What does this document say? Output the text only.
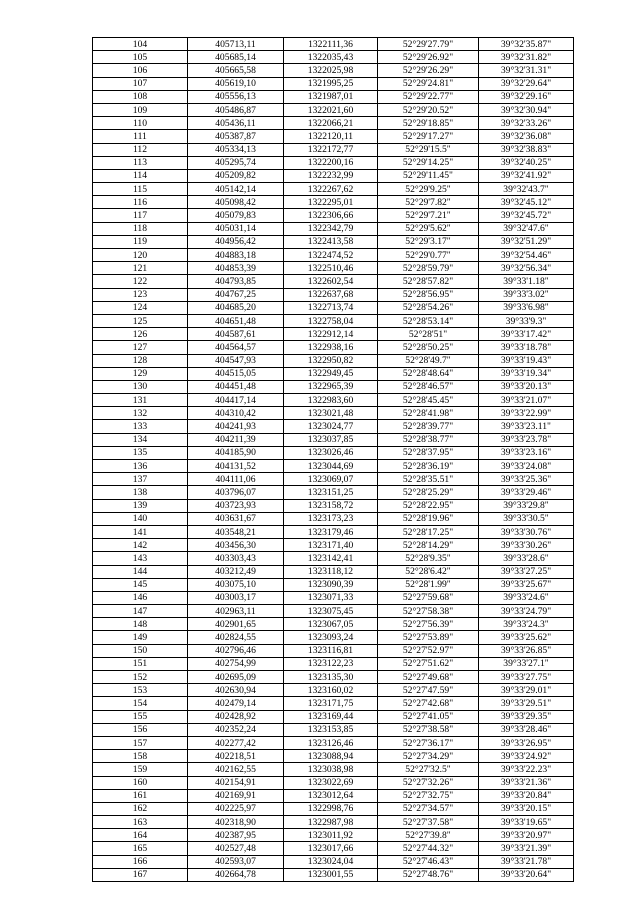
104	405713,11	1322111,36	52°29'27.79"	39°32'35.87"
105	405685,14	1322035,43	52°29'26.92"	39°32'31.82"
106	405665,58	1322025,98	52°29'26.29"	39°32'31.31"
107	405619,10	1321995,25	52°29'24.81"	39°32'29.64"
108	405556,13	1321987,01	52°29'22.77"	39°32'29.16"
109	405486,87	1322021,60	52°29'20.52"	39°32'30.94"
110	405436,11	1322066,21	52°29'18.85"	39°32'33.26"
111	405387,87	1322120,11	52°29'17.27"	39°32'36.08"
112	405334,13	1322172,77	52°29'15.5"	39°32'38.83"
113	405295,74	1322200,16	52°29'14.25"	39°32'40.25"
114	405209,82	1322232,99	52°29'11.45"	39°32'41.92"
115	405142,14	1322267,62	52°29'9.25"	39°32'43.7"
116	405098,42	1322295,01	52°29'7.82"	39°32'45.12"
117	405079,83	1322306,66	52°29'7.21"	39°32'45.72"
118	405031,14	1322342,79	52°29'5.62"	39°32'47.6"
119	404956,42	1322413,58	52°29'3.17"	39°32'51.29"
120	404883,18	1322474,52	52°29'0.77"	39°32'54.46"
121	404853,39	1322510,46	52°28'59.79"	39°32'56.34"
122	404793,85	1322602,54	52°28'57.82"	39°33'1.18"
123	404767,25	1322637,68	52°28'56.95"	39°33'3.02"
124	404685,20	1322713,74	52°28'54.26"	39°33'6.98"
125	404651,48	1322758,04	52°28'53.14"	39°33'9.3"
126	404587,61	1322912,14	52°28'51"	39°33'17.42"
127	404564,57	1322938,16	52°28'50.25"	39°33'18.78"
128	404547,93	1322950,82	52°28'49.7"	39°33'19.43"
129	404515,05	1322949,45	52°28'48.64"	39°33'19.34"
130	404451,48	1322965,39	52°28'46.57"	39°33'20.13"
131	404417,14	1322983,60	52°28'45.45"	39°33'21.07"
132	404310,42	1323021,48	52°28'41.98"	39°33'22.99"
133	404241,93	1323024,77	52°28'39.77"	39°33'23.11"
134	404211,39	1323037,85	52°28'38.77"	39°33'23.78"
135	404185,90	1323026,46	52°28'37.95"	39°33'23.16"
136	404131,52	1323044,69	52°28'36.19"	39°33'24.08"
137	404111,06	1323069,07	52°28'35.51"	39°33'25.36"
138	403796,07	1323151,25	52°28'25.29"	39°33'29.46"
139	403723,93	1323158,72	52°28'22.95"	39°33'29.8"
140	403631,67	1323173,23	52°28'19.96"	39°33'30.5"
141	403548,21	1323179,46	52°28'17.25"	39°33'30.76"
142	403456,30	1323171,40	52°28'14.29"	39°33'30.26"
143	403303,43	1323142,41	52°28'9.35"	39°33'28.6"
144	403212,49	1323118,12	52°28'6.42"	39°33'27.25"
145	403075,10	1323090,39	52°28'1.99"	39°33'25.67"
146	403003,17	1323071,33	52°27'59.68"	39°33'24.6"
147	402963,11	1323075,45	52°27'58.38"	39°33'24.79"
148	402901,65	1323067,05	52°27'56.39"	39°33'24.3"
149	402824,55	1323093,24	52°27'53.89"	39°33'25.62"
150	402796,46	1323116,81	52°27'52.97"	39°33'26.85"
151	402754,99	1323122,23	52°27'51.62"	39°33'27.1"
152	402695,09	1323135,30	52°27'49.68"	39°33'27.75"
153	402630,94	1323160,02	52°27'47.59"	39°33'29.01"
154	402479,14	1323171,75	52°27'42.68"	39°33'29.51"
155	402428,92	1323169,44	52°27'41.05"	39°33'29.35"
156	402352,24	1323153,85	52°27'38.58"	39°33'28.46"
157	402277,42	1323126,46	52°27'36.17"	39°33'26.95"
158	402218,51	1323088,94	52°27'34.29"	39°33'24.92"
159	402162,55	1323038,98	52°27'32.5"	39°33'22.23"
160	402154,91	1323022,69	52°27'32.26"	39°33'21.36"
161	402169,91	1323012,64	52°27'32.75"	39°33'20.84"
162	402225,97	1322998,76	52°27'34.57"	39°33'20.15"
163	402318,90	1322987,98	52°27'37.58"	39°33'19.65"
164	402387,95	1323011,92	52°27'39.8"	39°33'20.97"
165	402527,48	1323017,66	52°27'44.32"	39°33'21.39"
166	402593,07	1323024,04	52°27'46.43"	39°33'21.78"
167	402664,78	1323001,55	52°27'48.76"	39°33'20.64"
